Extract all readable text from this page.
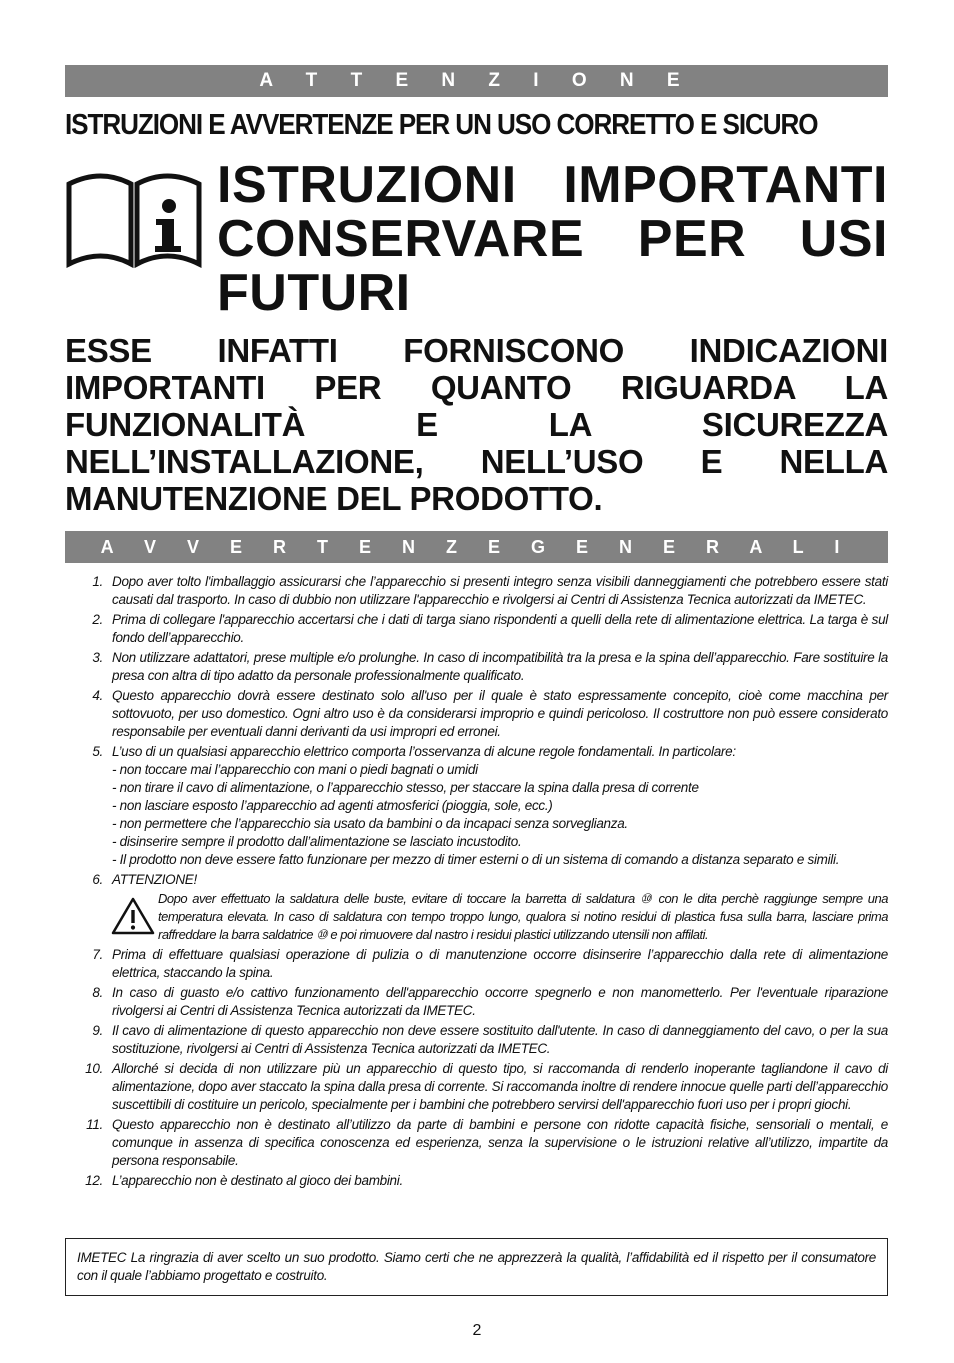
A T T E N Z I O N E
ISTRUZIONI E AVVERTENZE PER UN USO CORRETTO E SICURO
ISTRUZIONI IMPORTANTI CONSERVARE PER USI FUTURI
ESSE INFATTI FORNISCONO INDICAZIONI IMPORTANTI PER QUANTO RIGUARDA LA FUNZIONALITÀ E LA SICUREZZA NELL’INSTALLAZIONE, NELL’USO E NELLA MANUTENZIONE DEL PRODOTTO.
A V V E R T E N Z E G E N E R A L I
1. Dopo aver tolto l'imballaggio assicurarsi che l’apparecchio si presenti integro senza visibili danneggiamenti che potrebbero essere stati causati dal trasporto. In caso di dubbio non utilizzare l'apparecchio e rivolgersi ai Centri di Assistenza Tecnica autorizzati da IMETEC.
2. Prima di collegare l'apparecchio accertarsi che i dati di targa siano rispondenti a quelli della rete di alimentazione elettrica. La targa è sul fondo dell’apparecchio.
3. Non utilizzare adattatori, prese multiple e/o prolunghe. In caso di incompatibilità tra la presa e la spina dell’apparecchio. Fare sostituire la presa con altra di tipo adatto da personale professionalmente qualificato.
4. Questo apparecchio dovrà essere destinato solo all'uso per il quale è stato espressamente concepito, cioè come macchina per sottovuoto, per uso domestico. Ogni altro uso è da considerarsi improprio e quindi pericoloso. Il costruttore non può essere considerato responsabile per eventuali danni derivanti da usi impropri ed erronei.
5. L’uso di un qualsiasi apparecchio elettrico comporta l’osservanza di alcune regole fondamentali. In particolare:
- non toccare mai l’apparecchio con mani o piedi bagnati o umidi
- non tirare il cavo di alimentazione, o l’apparecchio stesso, per staccare la spina dalla presa di corrente
- non lasciare esposto l’apparecchio ad agenti atmosferici (pioggia, sole, ecc.)
- non permettere che l’apparecchio sia usato da bambini o da incapaci senza sorveglianza.
- disinserire sempre il prodotto dall’alimentazione se lasciato incustodito.
- Il prodotto non deve essere fatto funzionare per mezzo di timer esterni o di un sistema di comando a distanza separato e simili.
6. ATTENZIONE!
Dopo aver effettuato la saldatura delle buste, evitare di toccare la barretta di saldatura ⑩ con le dita perchè raggiunge sempre una temperatura elevata. In caso di saldatura con tempo troppo lungo, qualora si notino residui di plastica fusa sulla barra, lasciare prima raffreddare la barra saldatrice ⑩ e poi rimuovere dal nastro i residui plastici utilizzando utensili non affilati.
7. Prima di effettuare qualsiasi operazione di pulizia o di manutenzione occorre disinserire l’apparecchio dalla rete di alimentazione elettrica, staccando la spina.
8. In caso di guasto e/o cattivo funzionamento dell'apparecchio occorre spegnerlo e non manometterlo. Per l'eventuale riparazione rivolgersi ai Centri di Assistenza Tecnica autorizzati da IMETEC.
9. Il cavo di alimentazione di questo apparecchio non deve essere sostituito dall'utente. In caso di danneggiamento del cavo, o per la sua sostituzione, rivolgersi ai Centri di Assistenza Tecnica autorizzati da IMETEC.
10. Allorché si decida di non utilizzare più un apparecchio di questo tipo, si raccomanda di renderlo inoperante tagliandone il cavo di alimentazione, dopo aver staccato la spina dalla presa di corrente. Si raccomanda inoltre di rendere innocue quelle parti dell’apparecchio suscettibili di costituire un pericolo, specialmente per i bambini che potrebbero servirsi dell'apparecchio fuori uso per i propri giochi.
11. Questo apparecchio non è destinato all’utilizzo da parte di bambini e persone con ridotte capacità fisiche, sensoriali o mentali, e comunque in assenza di specifica conoscenza ed esperienza, senza la supervisione o le istruzioni relative all’utilizzo, impartite da persona responsabile.
12. L’apparecchio non è destinato al gioco dei bambini.
IMETEC La ringrazia di aver scelto un suo prodotto. Siamo certi che ne apprezzerà la qualità, l’affidabilità ed il rispetto per il consumatore con il quale l’abbiamo progettato e costruito.
2
